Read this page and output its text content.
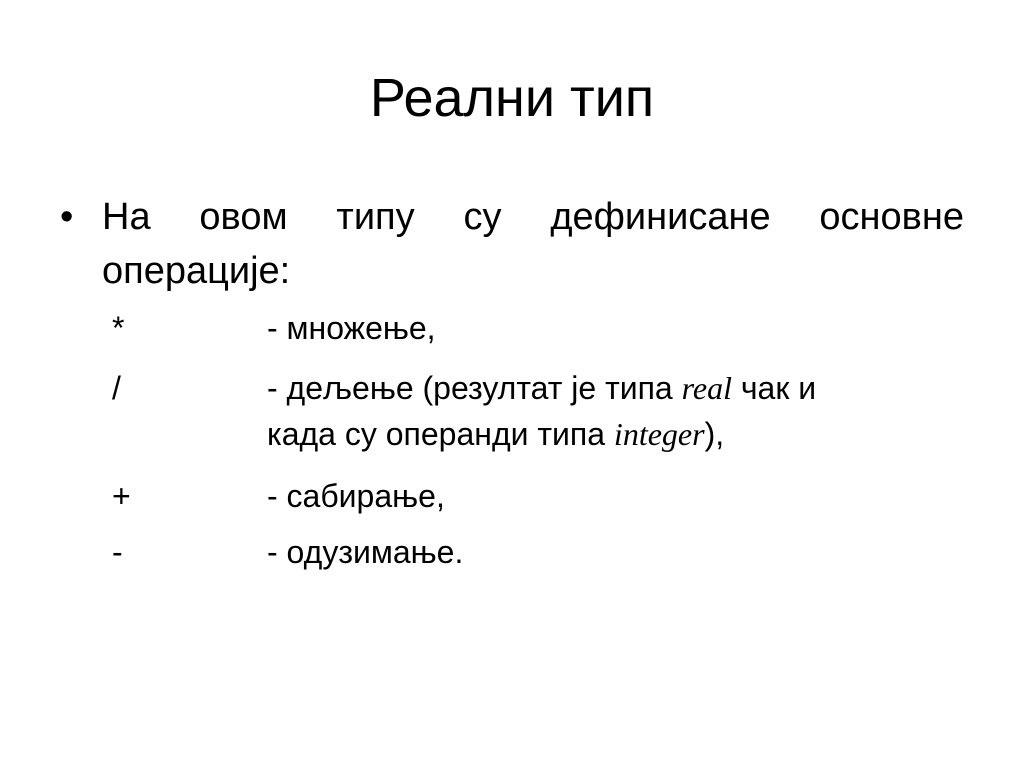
Реални тип
• На овом типу су дефинисане основне операције:
*	- множење,
/	- дељење (резултат је типа real чак и
када су операнди типа integer),
+	- сабирање,
-	- одузимање.
